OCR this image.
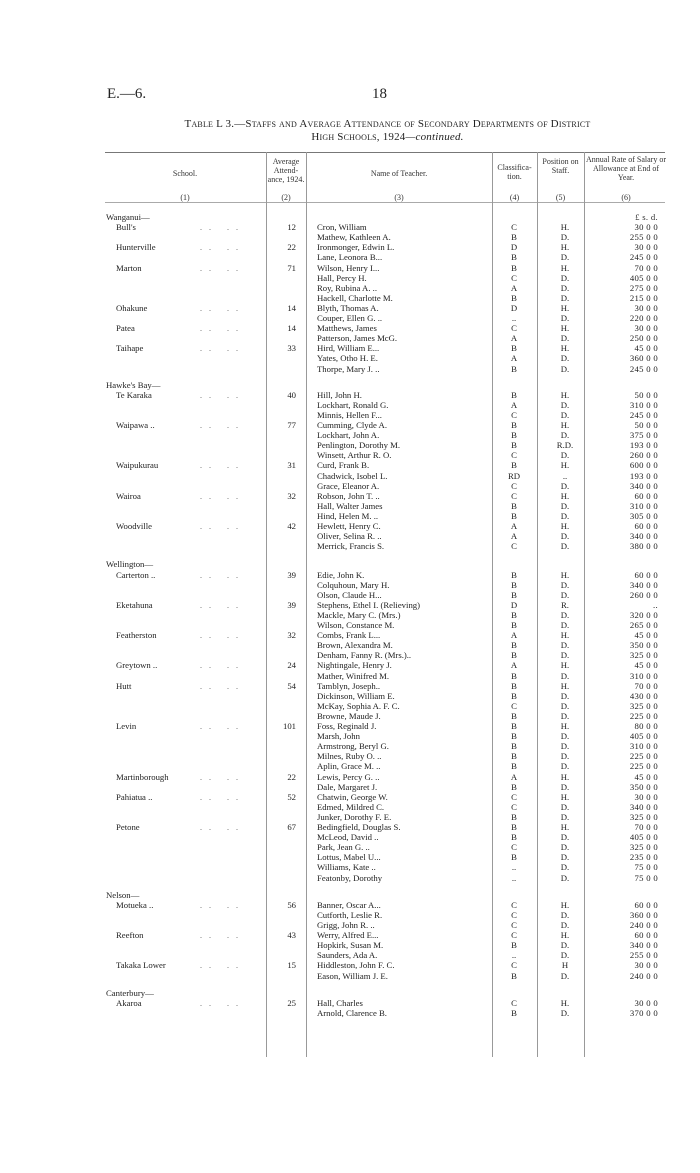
E.—6.	18
Table L 3.—Staffs and Average Attendance of Secondary Departments of District
High Schools, 1924—continued.
School.
Average Attend-ance, 1924.
Name of Teacher.
Classifica-tion.
Position on Staff.
Annual Rate of Salary or Allowance at End of Year.
(1)	(2)	(3)	(4)	(5)	(6)
£ s. d.
Wanganui—
Bull's	.. ..	12 Cron, William	C	H.	30 0 0
Mathew, Kathleen A.	B	D.	255 0 0
Hunterville	.. ..	22 Ironmonger, Edwin L.	D	H.	30 0 0
Lane, Leonora B...	B	D.	245 0 0
Marton	.. ..	71 Wilson, Henry I...	B	H.	70 0 0
Hall, Percy H.	C	D.	405 0 0
Roy, Rubina A. ..	A	D.	275 0 0
Hackell, Charlotte M.	B	D.	215 0 0
Ohakune	.. ..	14 Blyth, Thomas A.	D	H.	30 0 0
Couper, Ellen G. ..	..	D.	220 0 0
Patea	.. ..	14 Matthews, James	C	H.	30 0 0
Patterson, James McG.	A	D.	250 0 0
Taihape	.. ..	33 Hird, William E...	B	H.	45 0 0
Yates, Otho H. E.	A	D.	360 0 0
Thorpe, Mary J. ..	B	D.	245 0 0
Hawke's Bay—
Te Karaka	.. ..	40 Hill, John H.	B	H.	50 0 0
Lockhart, Ronald G.	A	D.	310 0 0
Minnis, Hellen F...	C	D.	245 0 0
Waipawa ..	.. ..	77 Cumming, Clyde A.	B	H.	50 0 0
Lockhart, John A.	B	D.	375 0 0
Penlington, Dorothy M.	B	R.D.	193 0 0
Winsett, Arthur R. O.	C	D.	260 0 0
Waipukurau	.. ..	31 Curd, Frank B.	B	H.	600 0 0
Chadwick, Isobel L.	RD	..	193 0 0
Grace, Eleanor A.	C	D.	340 0 0
Wairoa	.. ..	32 Robson, John T. ..	C	H.	60 0 0
Hall, Walter James	B	D.	310 0 0
Hind, Helen M. ..	B	D.	305 0 0
Woodville	.. ..	42 Hewlett, Henry C.	A	H.	60 0 0
Oliver, Selina R. ..	A	D.	340 0 0
Merrick, Francis S.	C	D.	380 0 0
Wellington—
Carterton ..	.. ..	39 Edie, John K.	B	H.	60 0 0
Colquhoun, Mary H.	B	D.	340 0 0
Olson, Claude H...	B	D.	260 0 0
Eketahuna	.. ..	39 Stephens, Ethel I. (Relieving)	D	R.	..
Mackle, Mary C. (Mrs.)	B	D.	320 0 0
Wilson, Constance M.	B	D.	265 0 0
Featherston	.. ..	32 Combs, Frank L...	A	H.	45 0 0
Brown, Alexandra M.	B	D.	350 0 0
Denham, Fanny R. (Mrs.)..	B	D.	325 0 0
Greytown ..	.. ..	24 Nightingale, Henry J.	A	H.	45 0 0
Mather, Winifred M.	B	D.	310 0 0
Hutt	.. ..	54 Tamblyn, Joseph..	B	H.	70 0 0
Dickinson, William E.	B	D.	430 0 0
McKay, Sophia A. F. C.	C	D.	325 0 0
Browne, Maude J.	B	D.	225 0 0
Levin	.. ..	101 Foss, Reginald J.	B	H.	80 0 0
Marsh, John	B	D.	405 0 0
Armstrong, Beryl G.	B	D.	310 0 0
Milnes, Ruby O. ..	B	D.	225 0 0
Aplin, Grace M. ..	B	D.	225 0 0
Martinborough	.. ..	22 Lewis, Percy G. ..	A	H.	45 0 0
Dale, Margaret J.	B	D.	350 0 0
Pahiatua ..	.. ..	52 Chatwin, George W.	C	H.	30 0 0
Edmed, Mildred C.	C	D.	340 0 0
Junker, Dorothy F. E.	B	D.	325 0 0
Petone	.. ..	67 Bedingfield, Douglas S.	B	H.	70 0 0
McLeod, David ..	B	D.	405 0 0
Park, Jean G. ..	C	D.	325 0 0
Lottus, Mabel U...	B	D.	235 0 0
Williams, Kate ..	..	D.	75 0 0
Featonby, Dorothy	..	D.	75 0 0
Nelson—
Motueka ..	.. ..	56 Banner, Oscar A...	C	H.	60 0 0
Cutforth, Leslie R.	C	D.	360 0 0
Grigg, John R. ..	C	D.	240 0 0
Reefton	.. ..	43 Werry, Alfred E...	C	H.	60 0 0
Hopkirk, Susan M.	B	D.	340 0 0
Saunders, Ada A.	..	D.	255 0 0
Takaka Lower	.. ..	15 Hiddleston, John F. C.	C	H	30 0 0
Eason, William J. E.	B	D.	240 0 0
Canterbury—
Akaroa	.. ..	25 Hall, Charles	C	H.	30 0 0
Arnold, Clarence B.	B	D.	370 0 0
